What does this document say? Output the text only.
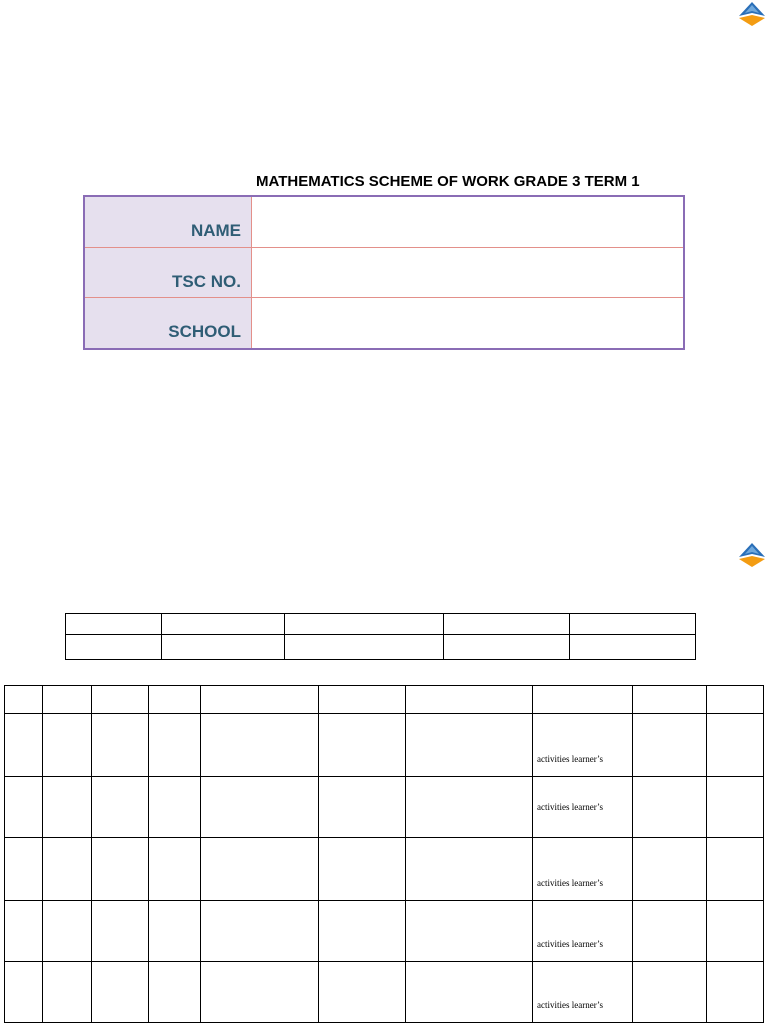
MATHEMATICS SCHEME OF WORK GRADE 3 TERM 1
NAME
TSC NO.
SCHOOL

							activities learner’s		

							activities learner’s		

							activities learner’s		

							activities learner’s		

							activities learner’s		
